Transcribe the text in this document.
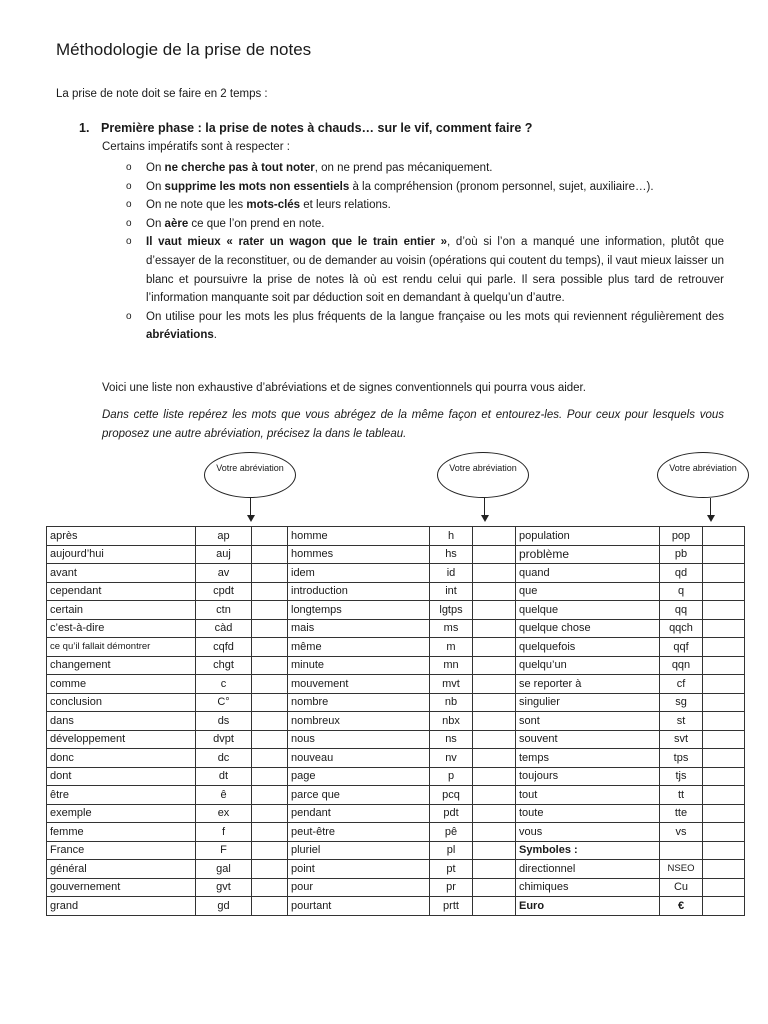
Méthodologie de la prise de notes

La prise de note doit se faire en 2 temps :

1. Première phase : la prise de notes à chauds… sur le vif, comment faire ?

Certains impératifs sont à respecter :

o On ne cherche pas à tout noter, on ne prend pas mécaniquement.
o On supprime les mots non essentiels à la compréhension (pronom personnel, sujet, auxiliaire…).
o On ne note que les mots-clés et leurs relations.
o On aère ce que l’on prend en note.
o Il vaut mieux « rater un wagon que le train entier », d’où si l’on a manqué une information, plutôt que d’essayer de la reconstituer, ou de demander au voisin (opérations qui coutent du temps), il vaut mieux laisser un blanc et poursuivre la prise de notes là où est rendu celui qui parle. Il sera possible plus tard de retrouver l’information manquante soit par déduction soit en demandant à quelqu’un d’autre.
o On utilise pour les mots les plus fréquents de la langue française ou les mots qui reviennent régulièrement des abréviations.

Voici une liste non exhaustive d’abréviations et de signes conventionnels qui pourra vous aider.

Dans cette liste repérez les mots que vous abrégez de la même façon et entourez-les. Pour ceux pour lesquels vous proposez une autre abréviation, précisez la dans le tableau.

Votre abréviation	Votre abréviation	Votre abréviation
après	ap		homme	h		population	pop	
aujourd’hui	auj		hommes	hs		problème	pb	
avant	av		idem	id		quand	qd	
cependant	cpdt		introduction	int		que	q	
certain	ctn		longtemps	lgtps		quelque	qq	
c’est-à-dire	càd		mais	ms		quelque chose	qqch	
ce qu’il fallait démontrer	cqfd		même	m		quelquefois	qqf	
changement	chgt		minute	mn		quelqu’un	qqn	
comme	c		mouvement	mvt		se reporter à	cf	
conclusion	C°		nombre	nb		singulier	sg	
dans	ds		nombreux	nbx		sont	st	
développement	dvpt		nous	ns		souvent	svt	
donc	dc		nouveau	nv		temps	tps	
dont	dt		page	p		toujours	tjs	
être	ê		parce que	pcq		tout	tt	
exemple	ex		pendant	pdt		toute	tte	
femme	f		peut-être	pê		vous	vs	
France	F		pluriel	pl		Symboles :		
général	gal		point	pt		directionnel	NSEO	
gouvernement	gvt		pour	pr		chimiques	Cu	
grand	gd		pourtant	prtt		Euro	€	
